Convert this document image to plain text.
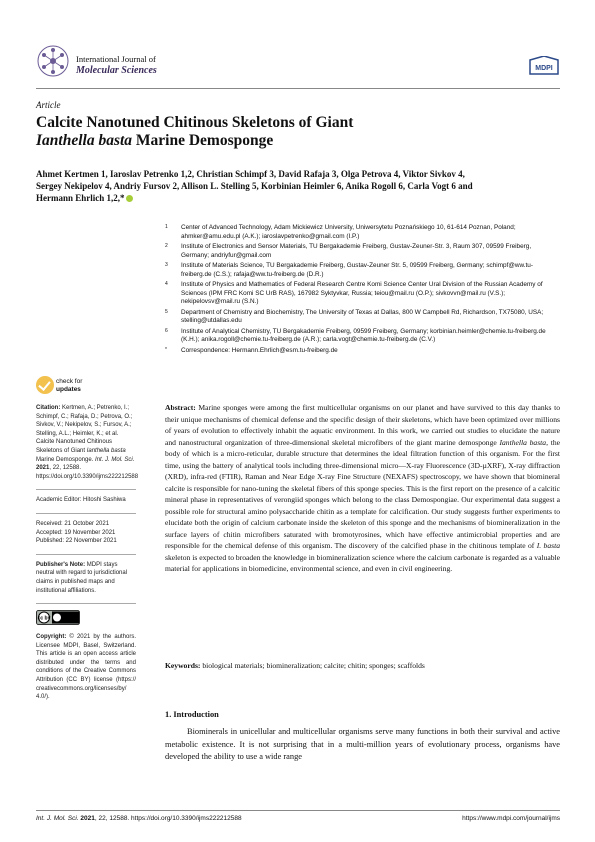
International Journal of
Molecular Sciences	MDPI
Article
Calcite Nanotuned Chitinous Skeletons of Giant
Ianthella basta Marine Demosponge
Ahmet Kertmen 1, Iaroslav Petrenko 1,2, Christian Schimpf 3, David Rafaja 3, Olga Petrova 4, Viktor Sivkov 4,
Sergey Nekipelov 4, Andriy Fursov 2, Allison L. Stelling 5, Korbinian Heimler 6, Anika Rogoll 6, Carla Vogt 6 and
Hermann Ehrlich 1,2,*
1 Center of Advanced Technology, Adam Mickiewicz University, Uniwersytetu Poznańskiego 10, 61-614 Poznan, Poland; ahmker@amu.edu.pl (A.K.); iaroslavpetrenko@gmail.com (I.P.)
2 Institute of Electronics and Sensor Materials, TU Bergakademie Freiberg, Gustav-Zeuner-Str. 3, Raum 307, 09599 Freiberg, Germany; andriyfur@gmail.com
3 Institute of Materials Science, TU Bergakademie Freiberg, Gustav-Zeuner Str. 5, 09599 Freiberg, Germany; schimpf@ww.tu-freiberg.de (C.S.); rafaja@ww.tu-freiberg.de (D.R.)
4 Institute of Physics and Mathematics of Federal Research Centre Komi Science Center Ural Division of the Russian Academy of Sciences (IPM FRC Komi SC UrB RAS), 167982 Syktyvkar, Russia; teiou@mail.ru (O.P.); sivkovvn@mail.ru (V.S.); nekipelovsv@mail.ru (S.N.)
5 Department of Chemistry and Biochemistry, The University of Texas at Dallas, 800 W Campbell Rd, Richardson, TX75080, USA; stelling@utdallas.edu
6 Institute of Analytical Chemistry, TU Bergakademie Freiberg, 09599 Freiberg, Germany; korbinian.heimler@chemie.tu-freiberg.de (K.H.); anika.rogoll@chemie.tu-freiberg.de (A.R.); carla.vogt@chemie.tu-freiberg.de (C.V.)
* Correspondence: Hermann.Ehrlich@esm.tu-freiberg.de
check for
updates
Citation: Kertmen, A.; Petrenko, I.; Schimpf, C.; Rafaja, D.; Petrova, O.; Sivkov, V.; Nekipelov, S.; Fursov, A.; Stelling, A.L.; Heimler, K.; et al. Calcite Nanotuned Chitinous Skeletons of Giant Ianthella basta Marine Demosponge. Int. J. Mol. Sci. 2021, 22, 12588. https://doi.org/10.3390/ijms222212588
Academic Editor: Hitoshi Sashiwa
Received: 21 October 2021
Accepted: 19 November 2021
Published: 22 November 2021
Publisher's Note: MDPI stays neutral with regard to jurisdictional claims in published maps and institutional affiliations.
cc by
Copyright: © 2021 by the authors. Licensee MDPI, Basel, Switzerland. This article is an open access article distributed under the terms and conditions of the Creative Commons Attribution (CC BY) license (https:// creativecommons.org/licenses/by/ 4.0/).
Abstract: Marine sponges were among the first multicellular organisms on our planet and have survived to this day thanks to their unique mechanisms of chemical defense and the specific design of their skeletons, which have been optimized over millions of years of evolution to effectively inhabit the aquatic environment. In this work, we carried out studies to elucidate the nature and nanostructural organization of three-dimensional skeletal microfibers of the giant marine demosponge Ianthella basta, the body of which is a micro-reticular, durable structure that determines the ideal filtration function of this organism. For the first time, using the battery of analytical tools including three-dimensional micro—X-ray Fluorescence (3D-µXRF), X-ray diffraction (XRD), infra-red (FTIR), Raman and Near Edge X-ray Fine Structure (NEXAFS) spectroscopy, we have shown that biomineral calcite is responsible for nano-tuning the skeletal fibers of this sponge species. This is the first report on the presence of a calcitic mineral phase in representatives of verongiid sponges which belong to the class Demospongiae. Our experimental data suggest a possible role for structural amino polysaccharide chitin as a template for calcification. Our study suggests further experiments to elucidate both the origin of calcium carbonate inside the skeleton of this sponge and the mechanisms of biomineralization in the surface layers of chitin microfibers saturated with bromotyrosines, which have effective antimicrobial properties and are responsible for the chemical defense of this organism. The discovery of the calcified phase in the chitinous template of I. basta skeleton is expected to broaden the knowledge in biomineralization science where the calcium carbonate is regarded as a valuable material for applications in biomedicine, environmental science, and even in civil engineering.
Keywords: biological materials; biomineralization; calcite; chitin; sponges; scaffolds
1. Introduction
Biominerals in unicellular and multicellular organisms serve many functions in both their survival and active metabolic existence. It is not surprising that in a multi-million years of evolutionary process, organisms have developed the ability to use a wide range
Int. J. Mol. Sci. 2021, 22, 12588. https://doi.org/10.3390/ijms222212588	https://www.mdpi.com/journal/ijms
